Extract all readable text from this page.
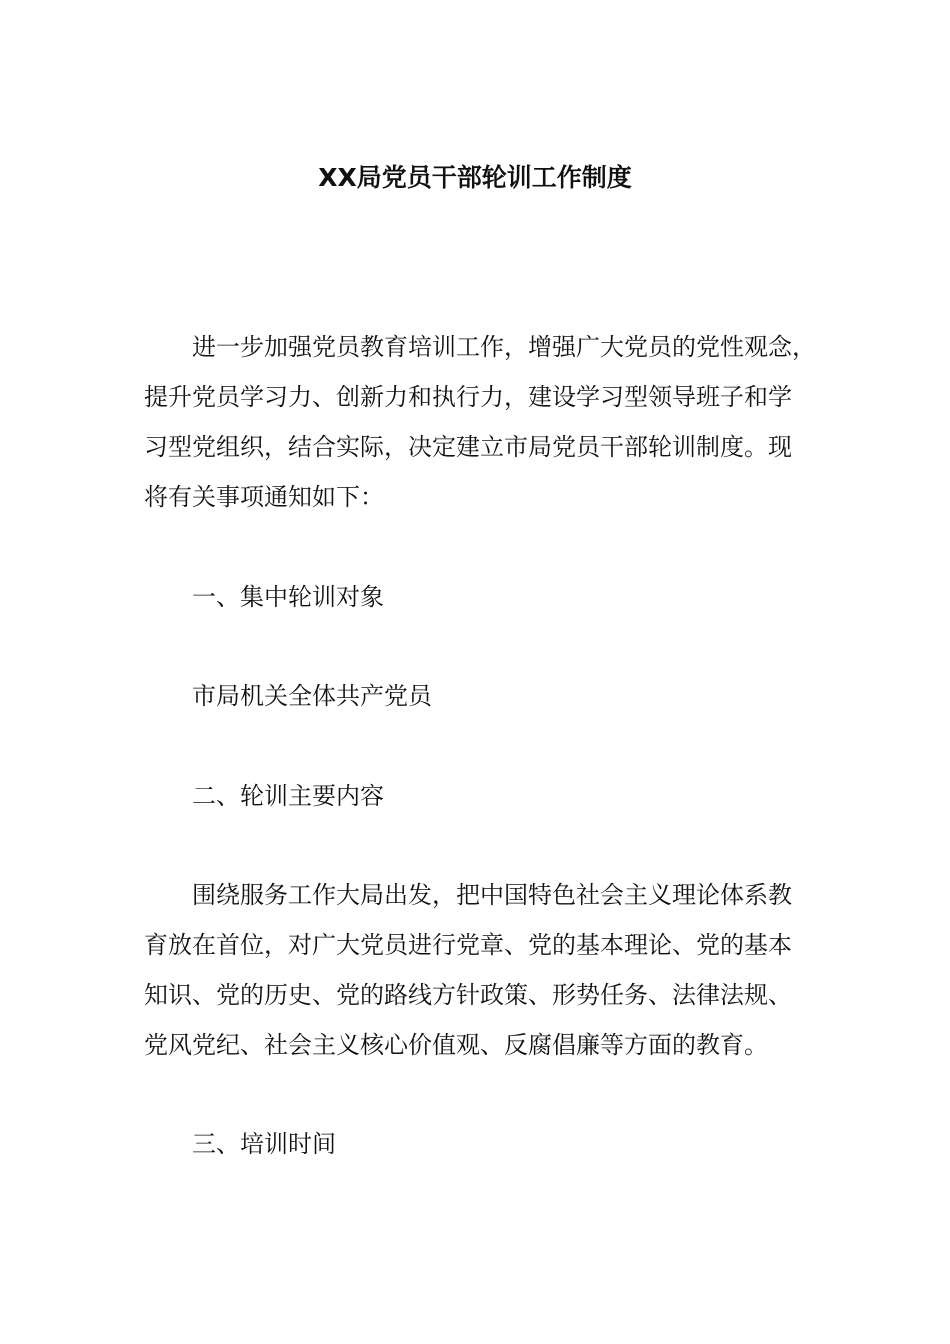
XX局党员干部轮训工作制度
进一步加强党员教育培训工作，增强广大党员的党性观念，
提升党员学习力、创新力和执行力，建设学习型领导班子和学
习型党组织，结合实际，决定建立市局党员干部轮训制度。现
将有关事项通知如下：
一、集中轮训对象
市局机关全体共产党员
二、轮训主要内容
围绕服务工作大局出发，把中国特色社会主义理论体系教
育放在首位，对广大党员进行党章、党的基本理论、党的基本
知识、党的历史、党的路线方针政策、形势任务、法律法规、
党风党纪、社会主义核心价值观、反腐倡廉等方面的教育。
三、培训时间
